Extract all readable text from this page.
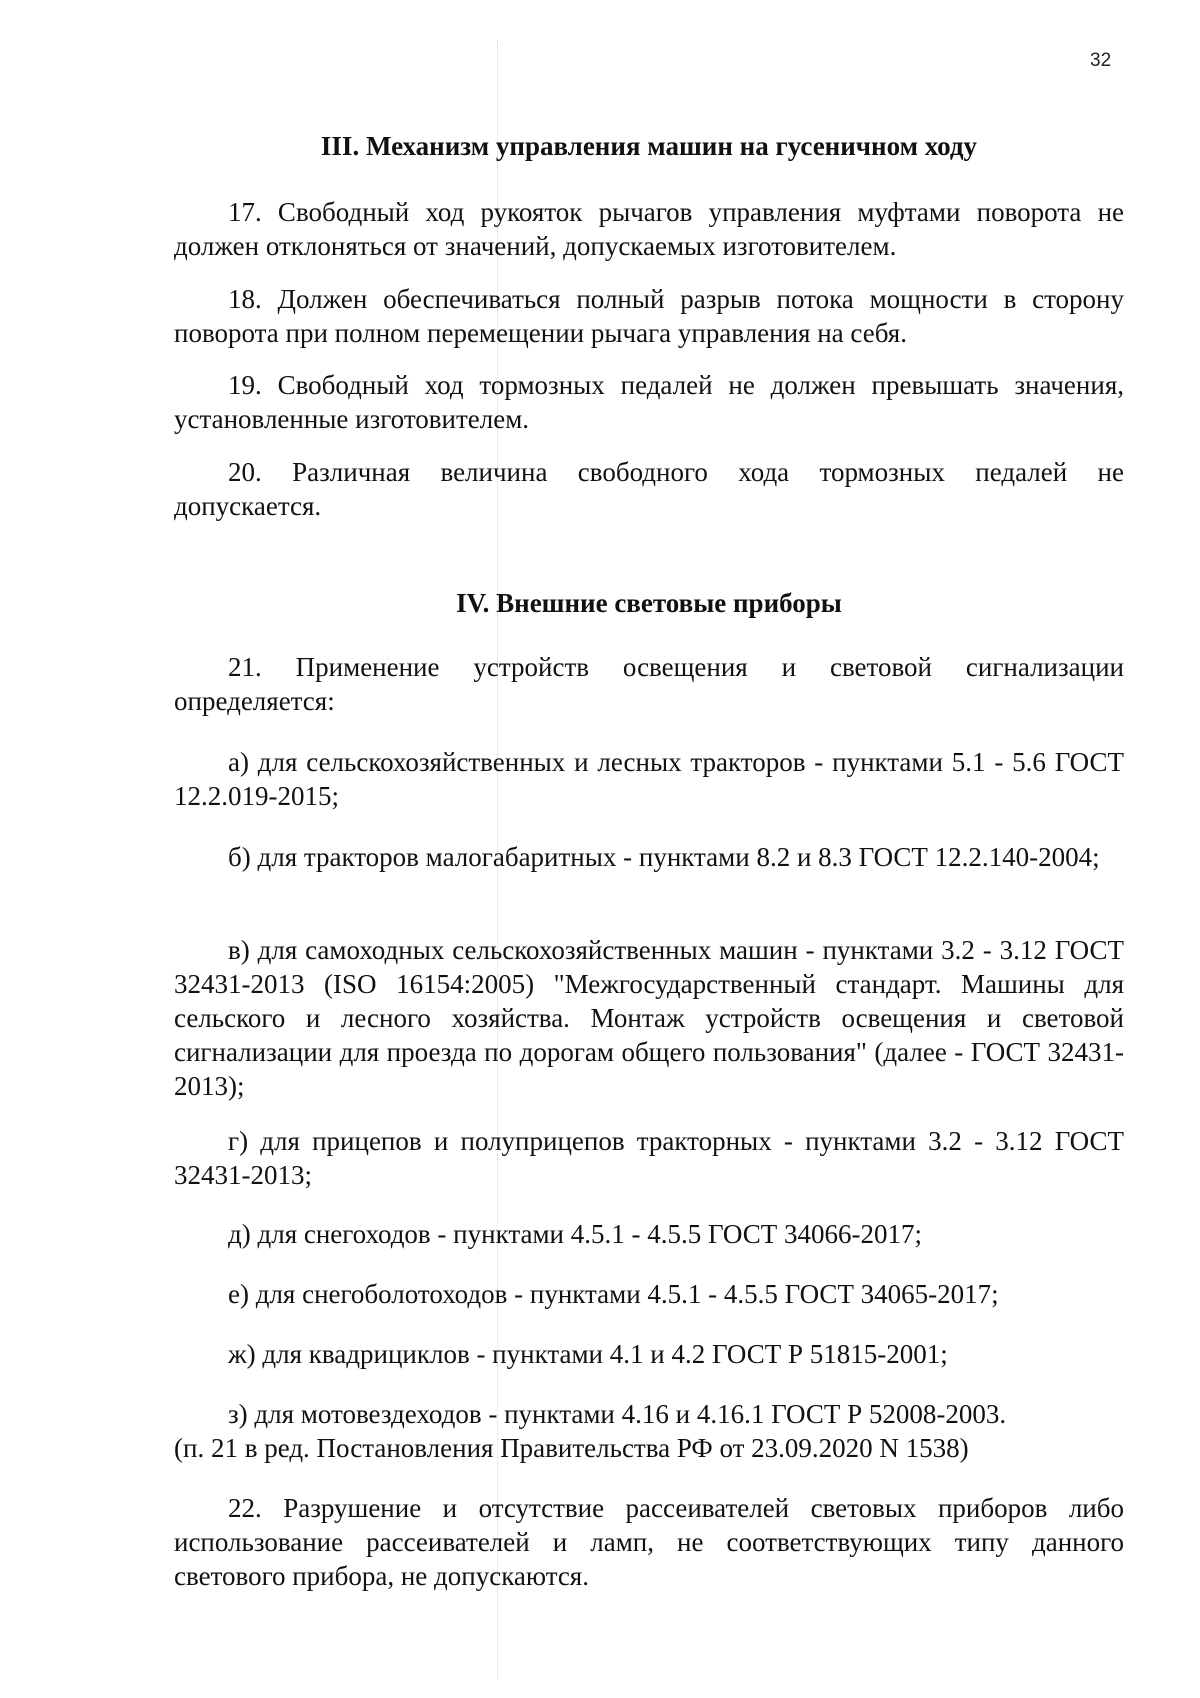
32
III. Механизм управления машин на гусеничном ходу
17. Свободный ход рукояток рычагов управления муфтами поворота не должен отклоняться от значений, допускаемых изготовителем.
18. Должен обеспечиваться полный разрыв потока мощности в сторону поворота при полном перемещении рычага управления на себя.
19. Свободный ход тормозных педалей не должен превышать значения, установленные изготовителем.
20. Различная величина свободного хода тормозных педалей не
допускается.
IV. Внешние световые приборы
21. Применение устройств освещения и световой сигнализации
определяется:
а) для сельскохозяйственных и лесных тракторов - пунктами 5.1 - 5.6 ГОСТ 12.2.019-2015;
б) для тракторов малогабаритных - пунктами 8.2 и 8.3 ГОСТ 12.2.140-2004;
в) для самоходных сельскохозяйственных машин - пунктами 3.2 - 3.12 ГОСТ 32431-2013 (ISO 16154:2005) "Межгосударственный стандарт. Машины для сельского и лесного хозяйства. Монтаж устройств освещения и световой сигнализации для проезда по дорогам общего пользования" (далее - ГОСТ 32431-2013);
г) для прицепов и полуприцепов тракторных - пунктами 3.2 - 3.12 ГОСТ 32431-2013;
д) для снегоходов - пунктами 4.5.1 - 4.5.5 ГОСТ 34066-2017;
е) для снегоболотоходов - пунктами 4.5.1 - 4.5.5 ГОСТ 34065-2017;
ж) для квадрициклов - пунктами 4.1 и 4.2 ГОСТ Р 51815-2001;
з) для мотовездеходов - пунктами 4.16 и 4.16.1 ГОСТ Р 52008-2003.
(п. 21 в ред. Постановления Правительства РФ от 23.09.2020 N 1538)
22. Разрушение и отсутствие рассеивателей световых приборов либо использование рассеивателей и ламп, не соответствующих типу данного светового прибора, не допускаются.
